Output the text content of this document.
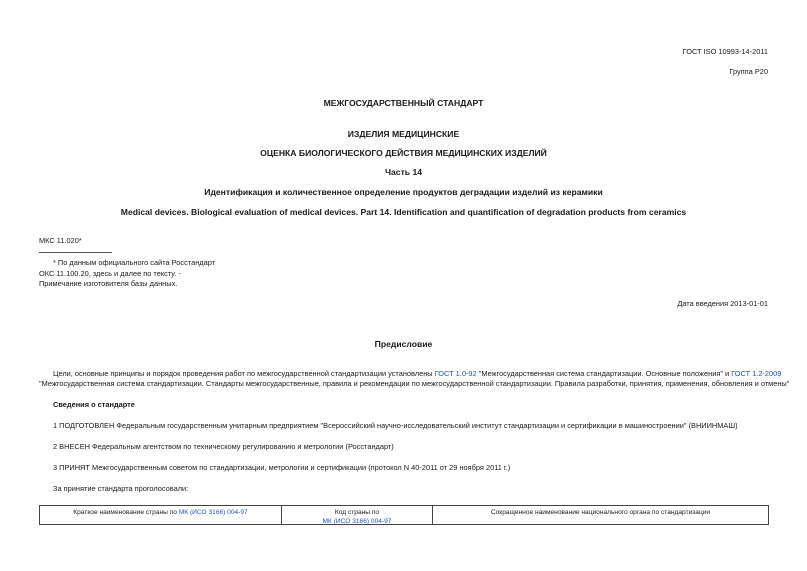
ГОСТ ISO 10993-14-2011
Группа Р20
МЕЖГОСУДАРСТВЕННЫЙ СТАНДАРТ
ИЗДЕЛИЯ МЕДИЦИНСКИЕ
ОЦЕНКА БИОЛОГИЧЕСКОГО ДЕЙСТВИЯ МЕДИЦИНСКИХ ИЗДЕЛИЙ
Часть 14
Идентификация и количественное определение продуктов деградации изделий из керамики
Medical devices. Biological evaluation of medical devices. Part 14. Identification and quantification of degradation products from ceramics
МКС 11.020*
* По данным официального сайта Росстандарт
ОКС 11.100.20, здесь и далее по тексту. -
Примечание изготовителя базы данных.
Дата введения 2013-01-01
Предисловие
Цели, основные принципы и порядок проведения работ по межгосударственной стандартизации установлены ГОСТ 1.0-92 "Межгосударственная система стандартизации. Основные положения" и ГОСТ 1.2-2009
"Межгосударственная система стандартизации. Стандарты межгосударственные, правила и рекомендации по межгосударственной стандартизации. Правила разработки, принятия, применения, обновления и отмены"
Сведения о стандарте
1 ПОДГОТОВЛЕН Федеральным государственным унитарным предприятием "Всероссийский научно-исследовательский институт стандартизации и сертификации в машиностроении" (ВНИИНМАШ)
2 ВНЕСЕН Федеральным агентством по техническому регулированию и метрологии (Росстандарт)
3 ПРИНЯТ Межгосударственным советом по стандартизации, метрологии и сертификации (протокол N 40-2011 от 29 ноября 2011 г.)
За принятие стандарта проголосовали:
Краткое наименование страны по МК (ИСО 3166) 004-97	Код страны по
МК (ИСО 3166) 004-97
Сокращенное наименование национального органа по стандартизации
